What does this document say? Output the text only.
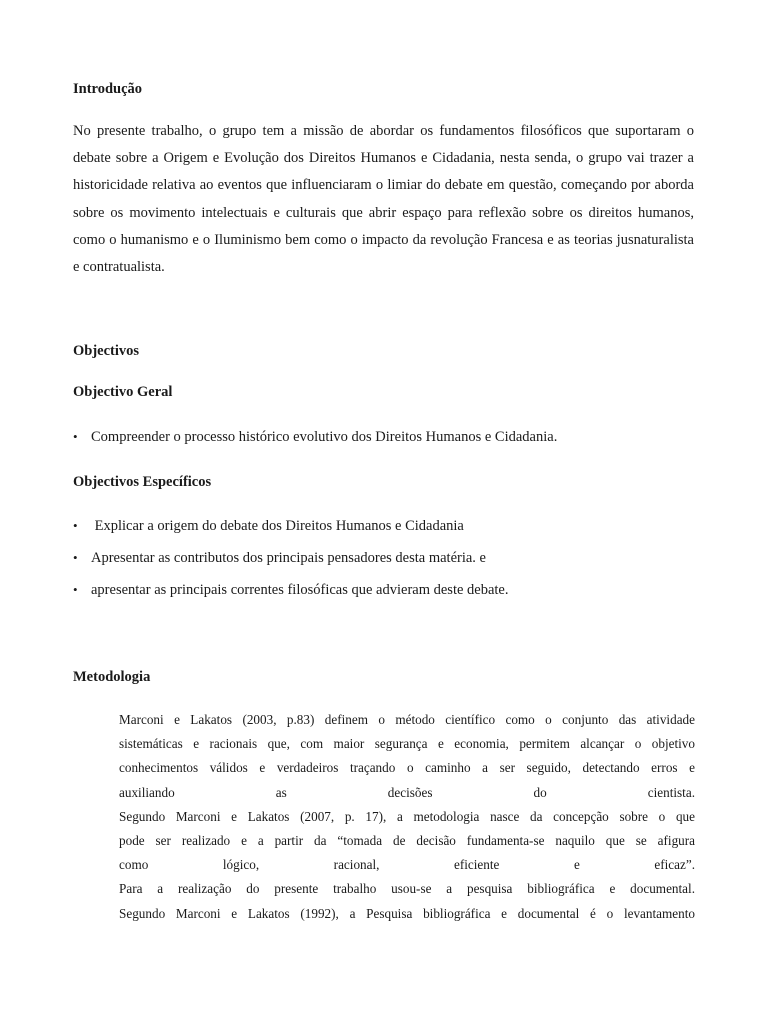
Introdução

No presente trabalho, o grupo tem a missão de abordar os fundamentos filosóficos que suportaram o debate sobre a Origem e Evolução dos Direitos Humanos e Cidadania, nesta senda, o grupo vai trazer a historicidade relativa ao eventos que influenciaram o limiar do debate em questão, começando por aborda sobre os movimento intelectuais e culturais que abrir espaço para reflexão sobre os direitos humanos, como o humanismo e o Iluminismo bem como o impacto da revolução Francesa e as teorias jusnaturalista e contratualista.

Objectivos
Objectivo Geral
• Compreender o processo histórico evolutivo dos Direitos Humanos e Cidadania.
Objectivos Específicos
• Explicar a origem do debate dos Direitos Humanos e Cidadania
• Apresentar as contributos dos principais pensadores desta matéria. e
• apresentar as principais correntes filosóficas que advieram deste debate.
Metodologia

Marconi e Lakatos (2003, p.83) definem o método científico como o conjunto das atividade

sistemáticas e racionais que, com maior segurança e economia, permitem alcançar o objetivo

conhecimentos válidos e verdadeiros traçando o caminho a ser seguido, detectando erros e

auxiliando as decisões do cientista.

Segundo Marconi e Lakatos (2007, p. 17), a metodologia nasce da concepção sobre o que

pode ser realizado e a partir da “tomada de decisão fundamenta-se naquilo que se afigura

como lógico, racional, eficiente e eficaz”.

Para a realização do presente trabalho usou-se a pesquisa bibliográfica e documental.

Segundo Marconi e Lakatos (1992), a Pesquisa bibliográfica e documental é o levantamento
